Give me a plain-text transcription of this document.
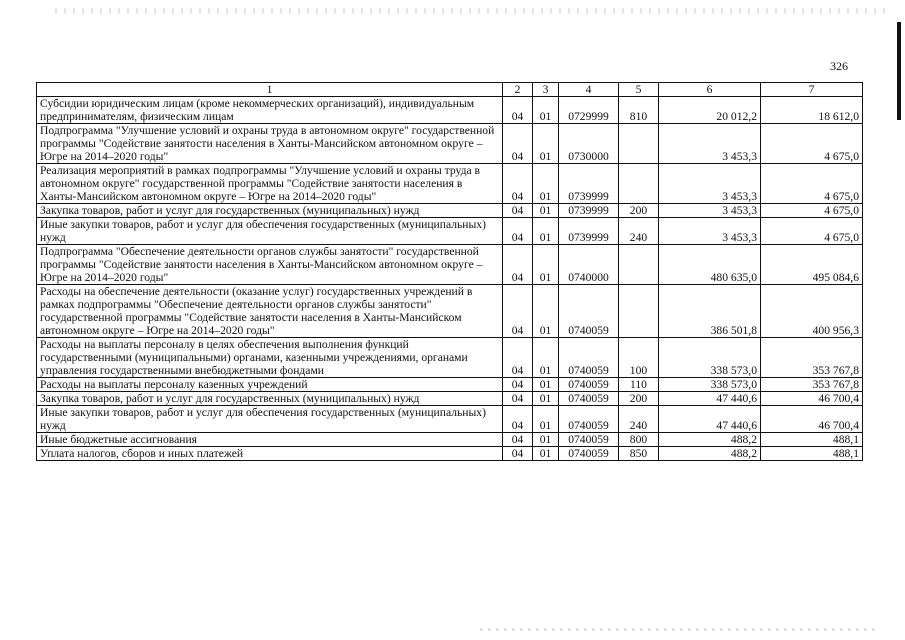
326
1	2	3	4	5	6	7
Субсидии юридическим лицам (кроме некоммерческих организаций), индивидуальным предпринимателям, физическим лицам	04	01	0729999	810	20 012,2	18 612,0
Подпрограмма "Улучшение условий и охраны труда в автономном округе" государственной программы "Содействие занятости населения в Ханты-Мансийском автономном округе – Югре на 2014–2020 годы"	04	01	0730000		3 453,3	4 675,0
Реализация мероприятий в рамках подпрограммы "Улучшение условий и охраны труда в автономном округе" государственной программы "Содействие занятости населения в Ханты-Мансийском автономном округе – Югре на 2014–2020 годы"	04	01	0739999		3 453,3	4 675,0
Закупка товаров, работ и услуг для государственных (муниципальных) нужд	04	01	0739999	200	3 453,3	4 675,0
Иные закупки товаров, работ и услуг для обеспечения государственных (муниципальных) нужд	04	01	0739999	240	3 453,3	4 675,0
Подпрограмма "Обеспечение деятельности органов службы занятости" государственной программы "Содействие занятости населения в Ханты-Мансийском автономном округе – Югре на 2014–2020 годы"	04	01	0740000		480 635,0	495 084,6
Расходы на обеспечение деятельности (оказание услуг) государственных учреждений в рамках подпрограммы "Обеспечение деятельности органов службы занятости" государственной программы "Содействие занятости населения в Ханты-Мансийском автономном округе – Югре на 2014–2020 годы"	04	01	0740059		386 501,8	400 956,3
Расходы на выплаты персоналу в целях обеспечения выполнения функций государственными (муниципальными) органами, казенными учреждениями, органами управления государственными внебюджетными фондами	04	01	0740059	100	338 573,0	353 767,8
Расходы на выплаты персоналу казенных учреждений	04	01	0740059	110	338 573,0	353 767,8
Закупка товаров, работ и услуг для государственных (муниципальных) нужд	04	01	0740059	200	47 440,6	46 700,4
Иные закупки товаров, работ и услуг для обеспечения государственных (муниципальных) нужд	04	01	0740059	240	47 440,6	46 700,4
Иные бюджетные ассигнования	04	01	0740059	800	488,2	488,1
Уплата налогов, сборов и иных платежей	04	01	0740059	850	488,2	488,1
